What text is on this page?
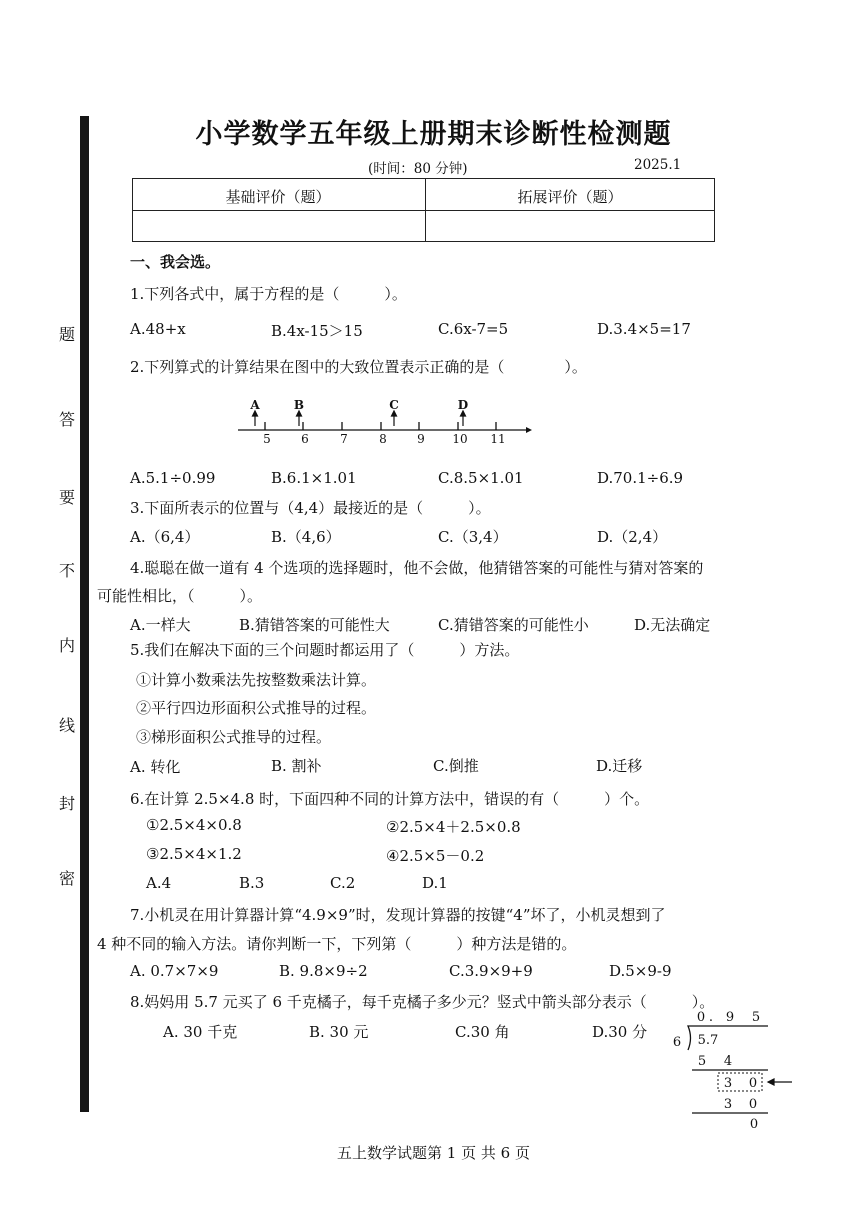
题
答
要
不
内
线
封
密
小学数学五年级上册期末诊断性检测题
(时间：80 分钟)	2025.1
基础评价（题）	拓展评价（题）
一、我会选。
1.下列各式中，属于方程的是（　　　）。
A.48+x	B.4x-15＞15	C.6x-7=5	D.3.4×5=17
2.下列算式的计算结果在图中的大致位置表示正确的是（　　　　）。
5	6	7	8	9 10 11
A	B	C	D
A.5.1÷0.99	B.6.1×1.01	C.8.5×1.01	D.70.1÷6.9
3.下面所表示的位置与（4,4）最接近的是（　　　）。
A.（6,4）	B.（4,6）	C.（3,4）	D.（2,4）
4.聪聪在做一道有 4 个选项的选择题时，他不会做，他猜错答案的可能性与猜对答案的
可能性相比，（　　　）。
A.一样大	B.猜错答案的可能性大	C.猜错答案的可能性小	D.无法确定
5.我们在解决下面的三个问题时都运用了（　　　）方法。
①计算小数乘法先按整数乘法计算。
②平行四边形面积公式推导的过程。
③梯形面积公式推导的过程。
A. 转化	B. 割补	C.倒推	D.迁移
6.在计算 2.5×4.8 时，下面四种不同的计算方法中，错误的有（　　　）个。
①2.5×4×0.8	②2.5×4＋2.5×0.8
③2.5×4×1.2	④2.5×5－0.2
A.4	B.3	C.2	D.1
7.小机灵在用计算器计算“4.9×9”时，发现计算器的按键“4”坏了，小机灵想到了
4 种不同的输入方法。请你判断一下，下列第（　　　）种方法是错的。
A. 0.7×7×9	B. 9.8×9÷2	C.3.9×9+9	D.5×9-9
8.妈妈用 5.7 元买了 6 千克橘子，每千克橘子多少元？竖式中箭头部分表示（　　　）。
A. 30 千克	B. 30 元	C.30 角	D.30 分
0 . 9 5
6 5.7
5 4
3 0
3 0
0
五上数学试题第 1 页 共 6 页
